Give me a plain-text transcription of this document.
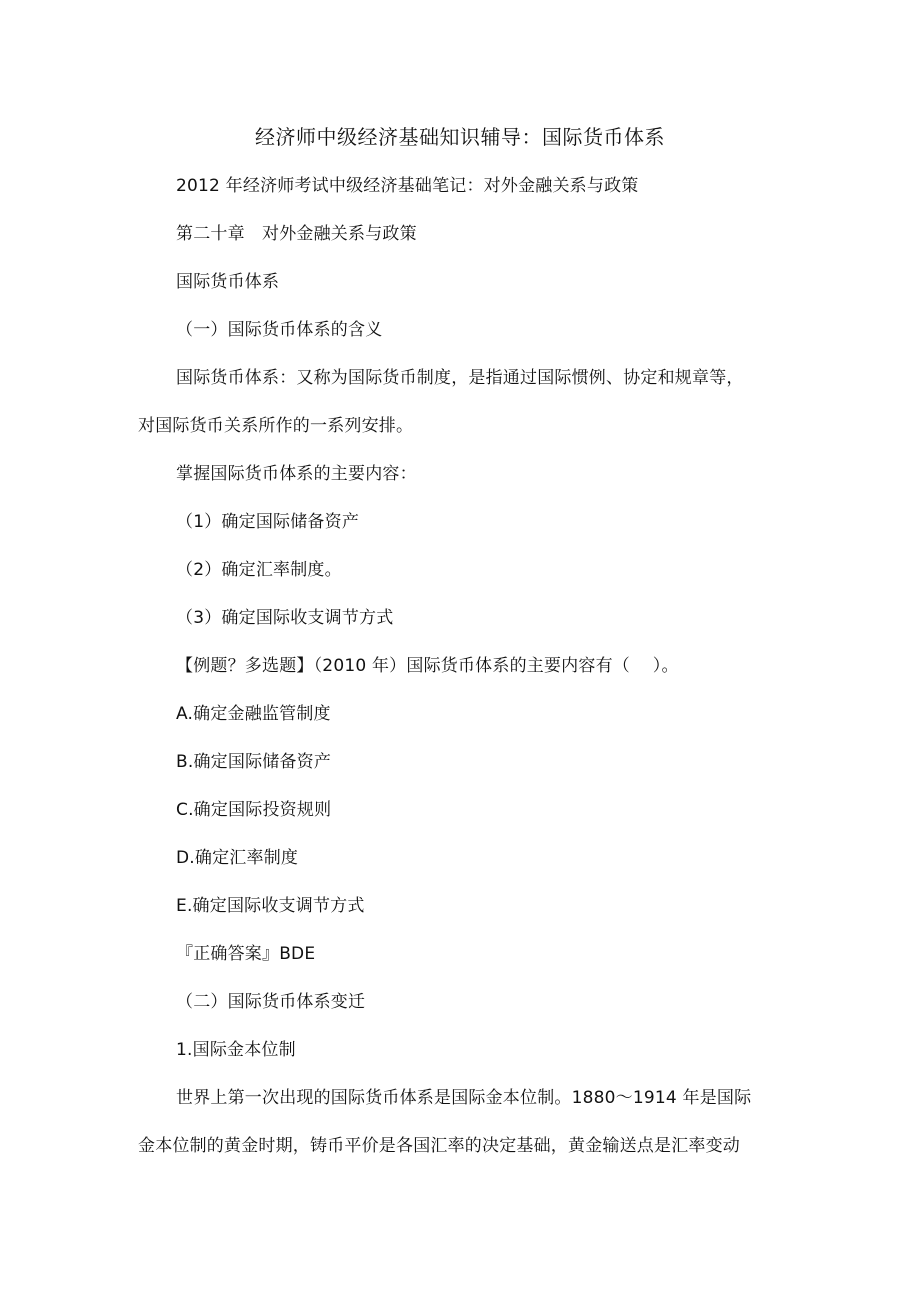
经济师中级经济基础知识辅导：国际货币体系
2012 年经济师考试中级经济基础笔记：对外金融关系与政策
第二十章　对外金融关系与政策
国际货币体系
（一）国际货币体系的含义
国际货币体系：又称为国际货币制度，是指通过国际惯例、协定和规章等，
对国际货币关系所作的一系列安排。
掌握国际货币体系的主要内容：
（1）确定国际储备资产
（2）确定汇率制度。
（3）确定国际收支调节方式
【例题？多选题】（2010 年）国际货币体系的主要内容有（　 ）。
A.确定金融监管制度
B.确定国际储备资产
C.确定国际投资规则
D.确定汇率制度
E.确定国际收支调节方式
『正确答案』BDE
（二）国际货币体系变迁
1.国际金本位制
世界上第一次出现的国际货币体系是国际金本位制。1880～1914 年是国际
金本位制的黄金时期，铸币平价是各国汇率的决定基础，黄金输送点是汇率变动
